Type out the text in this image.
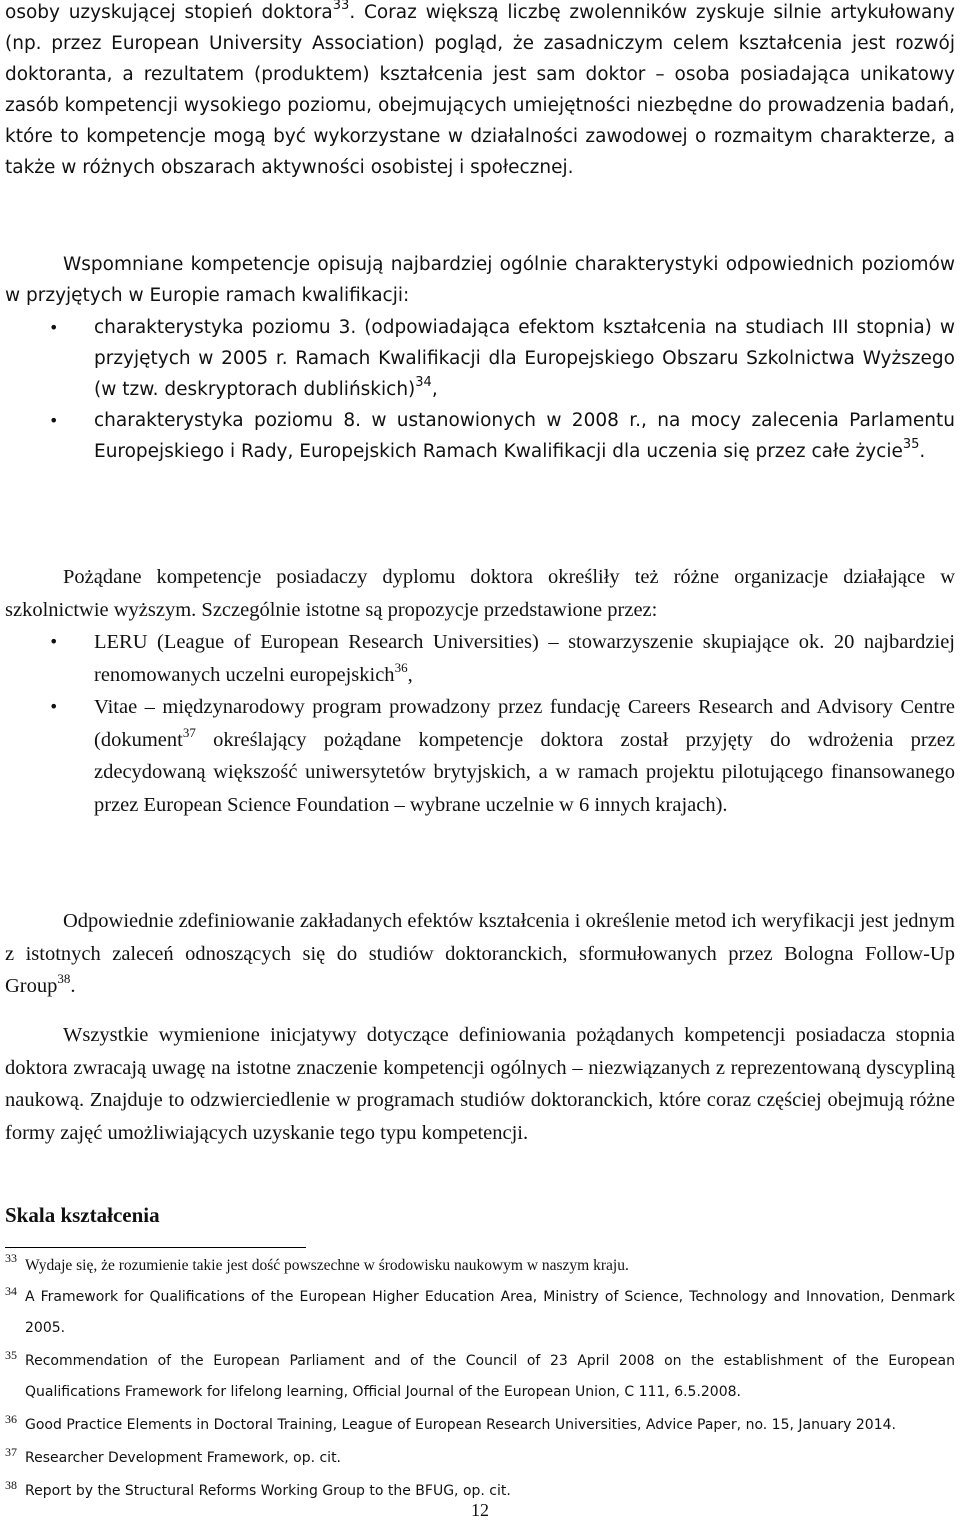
osoby uzyskującej stopień doktora$^{33}$. Coraz większą liczbę zwolenników zyskuje silnie artykułowany (np. przez European University Association) pogląd, że zasadniczym celem kształcenia jest rozwój doktoranta, a rezultatem (produktem) kształcenia jest sam doktor – osoba posiadająca unikatowy zasób kompetencji wysokiego poziomu, obejmujących umiejętności niezbędne do prowadzenia badań, które to kompetencje mogą być wykorzystane w działalności zawodowej o rozmaitym charakterze, a także w różnych obszarach aktywności osobistej i społecznej.

Wspomniane kompetencje opisują najbardziej ogólnie charakterystyki odpowiednich poziomów w przyjętych w Europie ramach kwalifikacji:

• charakterystyka poziomu 3. (odpowiadająca efektom kształcenia na studiach III stopnia) w przyjętych w 2005 r. Ramach Kwalifikacji dla Europejskiego Obszaru Szkolnictwa Wyższego (w tzw. deskryptorach dublińskich)$^{34}$,
• charakterystyka poziomu 8. w ustanowionych w 2008 r., na mocy zalecenia Parlamentu Europejskiego i Rady, Europejskich Ramach Kwalifikacji dla uczenia się przez całe życie$^{35}$.

Pożądane kompetencje posiadaczy dyplomu doktora określiły też różne organizacje działające w szkolnictwie wyższym. Szczególnie istotne są propozycje przedstawione przez:

• LERU (League of European Research Universities) – stowarzyszenie skupiające ok. 20 najbardziej renomowanych uczelni europejskich$^{36}$,
• Vitae – międzynarodowy program prowadzony przez fundację Careers Research and Advisory Centre (dokument$^{37}$ określający pożądane kompetencje doktora został przyjęty do wdrożenia przez zdecydowaną większość uniwersytetów brytyjskich, a w ramach projektu pilotującego finansowanego przez European Science Foundation – wybrane uczelnie w 6 innych krajach).

Odpowiednie zdefiniowanie zakładanych efektów kształcenia i określenie metod ich weryfikacji jest jednym z istotnych zaleceń odnoszących się do studiów doktoranckich, sformułowanych przez Bologna Follow-Up Group$^{38}$.

Wszystkie wymienione inicjatywy dotyczące definiowania pożądanych kompetencji posiadacza stopnia doktora zwracają uwagę na istotne znaczenie kompetencji ogólnych – niezwiązanych z reprezentowaną dyscypliną naukową. Znajduje to odzwierciedlenie w programach studiów doktoranckich, które coraz częściej obejmują różne formy zajęć umożliwiających uzyskanie tego typu kompetencji.

Skala kształcenia
33 Wydaje się, że rozumienie takie jest dość powszechne w środowisku naukowym w naszym kraju.
34 A Framework for Qualifications of the European Higher Education Area, Ministry of Science, Technology and Innovation, Denmark 2005.
35 Recommendation of the European Parliament and of the Council of 23 April 2008 on the establishment of the European Qualifications Framework for lifelong learning, Official Journal of the European Union, C 111, 6.5.2008.
36 Good Practice Elements in Doctoral Training, League of European Research Universities, Advice Paper, no. 15, January 2014.
37 Researcher Development Framework, op. cit.
38 Report by the Structural Reforms Working Group to the BFUG, op. cit.
12
